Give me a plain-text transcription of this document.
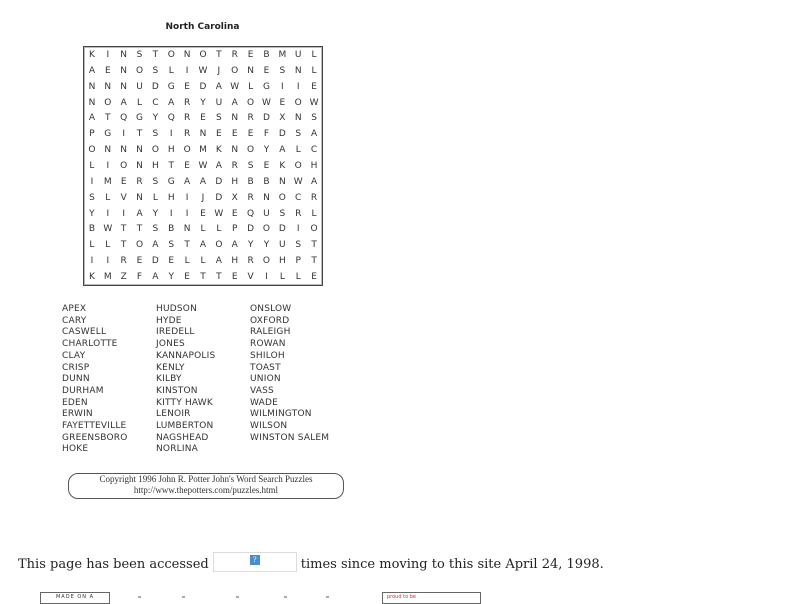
North Carolina
K	I	N	S	T	O N O	T	R	E	B M U	L
A	E	N O	S	L	I	W	J	O N	E	S	N	L
N	N	N	U	D G	E	D	A W L	G	I	I	E
N O	A	L	C	A	R	Y	U	A	O W E	O W
A	T	Q G	Y	Q	R	E	S	N	R	D	X	N	S
P	G	I	T	S	I	R	N	E	E	E	F	D	S	A
O N	N	N O H O M	K	N O	Y	A	L	C
L	I	O N	H	T	E W A	R	S	E	K	O H
I	M	E	R	S	G	A	A	D	H	B	B	N W A
S	L	V	N	L	H	I	J	D	X	R	N O	C	R
Y	I	I	A	Y	I	I	E W E	Q	U	S	R	L
B W T	T	S	B	N	L	L	P	D O D	I	O
L	L	T	O	A	S	T	A	O	A	Y	Y	U	S	T
I	I	R	E	D	E	L	L	A	H	R	O H	P	T
K	M Z	F	A	Y	E	T	T	E	V	I	L	L	E
APEX
CARY
CASWELL
CHARLOTTE
CLAY
CRISP
DUNN
DURHAM
EDEN
ERWIN
FAYETTEVILLE
GREENSBORO
HOKE
HUDSON
HYDE
IREDELL
JONES
KANNAPOLIS
KENLY
KILBY
KINSTON
KITTY HAWK
LENOIR
LUMBERTON
NAGSHEAD
NORLINA
ONSLOW
OXFORD
RALEIGH
ROWAN
SHILOH
TOAST
UNION
VASS
WADE
WILMINGTON
WILSON
WINSTON SALEM
Copyright 1996 John R. Potter John's Word Search Puzzles
http://www.thepotters.com/puzzles.html
This page has been accessed	?	times since moving to this site April 24, 1998.
MADE ON A	proud to be
